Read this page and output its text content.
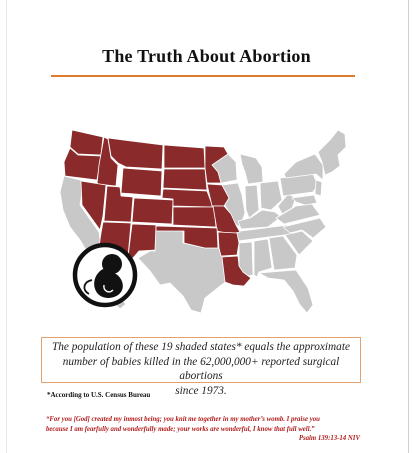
The Truth About Abortion
The population of these 19 shaded states* equals the approximate
number of babies killed in the 62,000,000+ reported surgical abortions
since 1973.
*According to U.S. Census Bureau
“For you [God] created my inmost being; you knit me together in my mother’s womb. I praise you
because I am fearfully and wonderfully made; your works are wonderful, I know that full well.”
Psalm 139:13-14 NIV
